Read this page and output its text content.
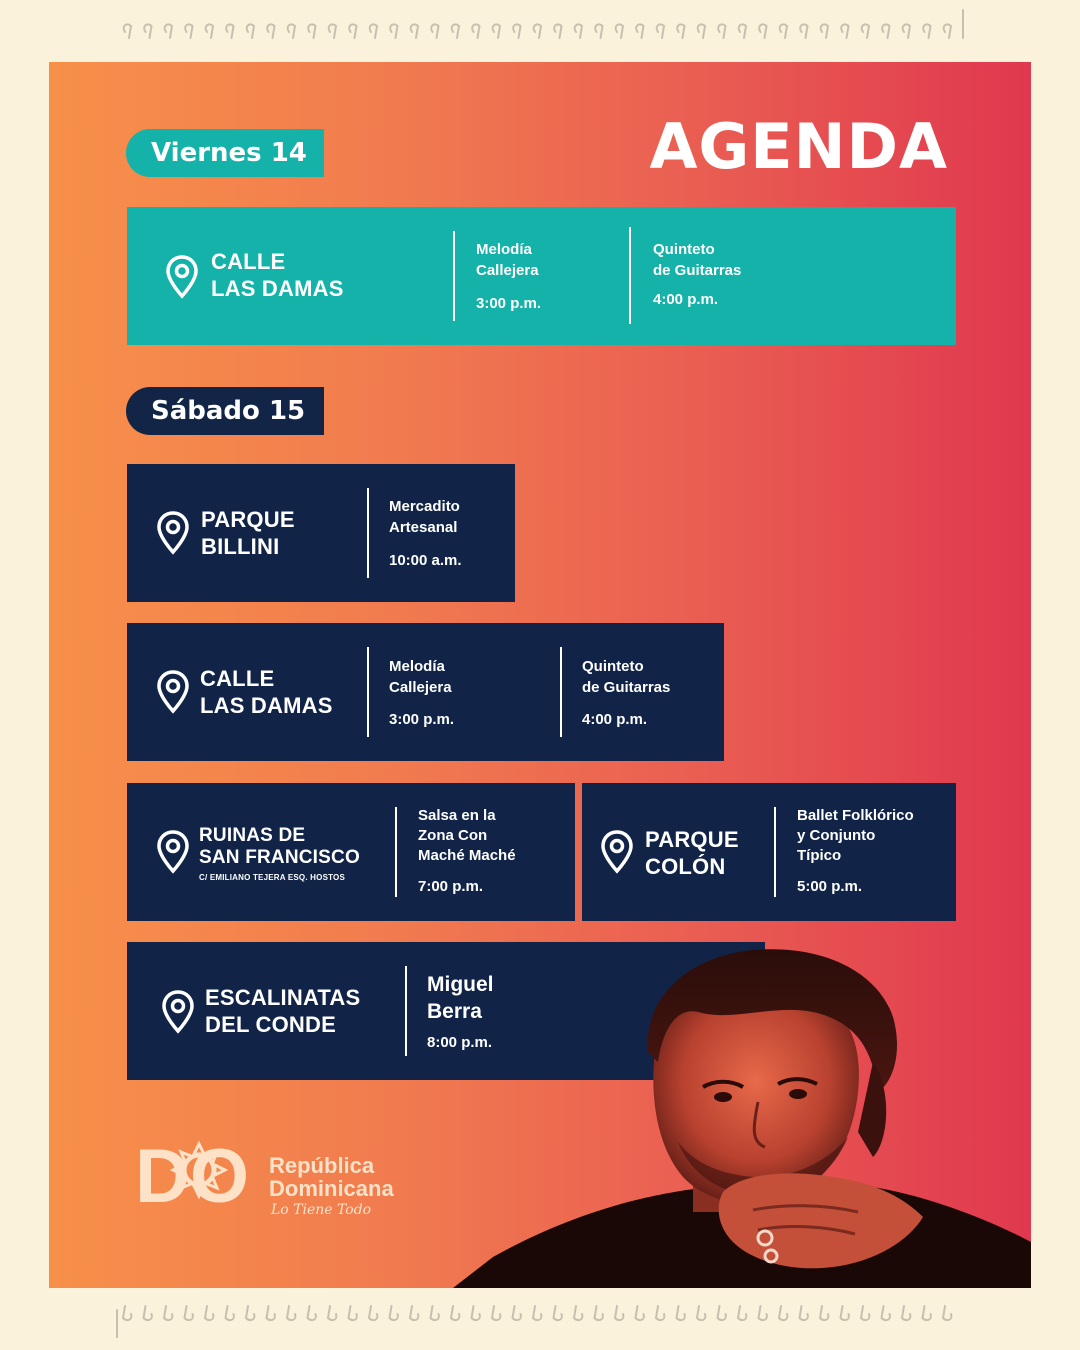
Viernes 14	AGENDA
CALLE
LAS DAMAS
Melodía
Callejera
3:00 p.m.
Quinteto
de Guitarras
4:00 p.m.
Sábado 15
PARQUE
BILLINI
Mercadito
Artesanal
10:00 a.m.
CALLE
LAS DAMAS
Melodía
Callejera
3:00 p.m.
Quinteto
de Guitarras
4:00 p.m.
RUINAS DE
SAN FRANCISCO
C/ EMILIANO TEJERA ESQ. HOSTOS
Salsa en la
Zona Con
Maché Maché
7:00 p.m.
PARQUE
COLÓN
Ballet Folklórico
y Conjunto
Típico
5:00 p.m.
ESCALINATAS
DEL CONDE
Miguel
Berra
8:00 p.m.
DO República
Dominicana
Lo Tiene Todo
